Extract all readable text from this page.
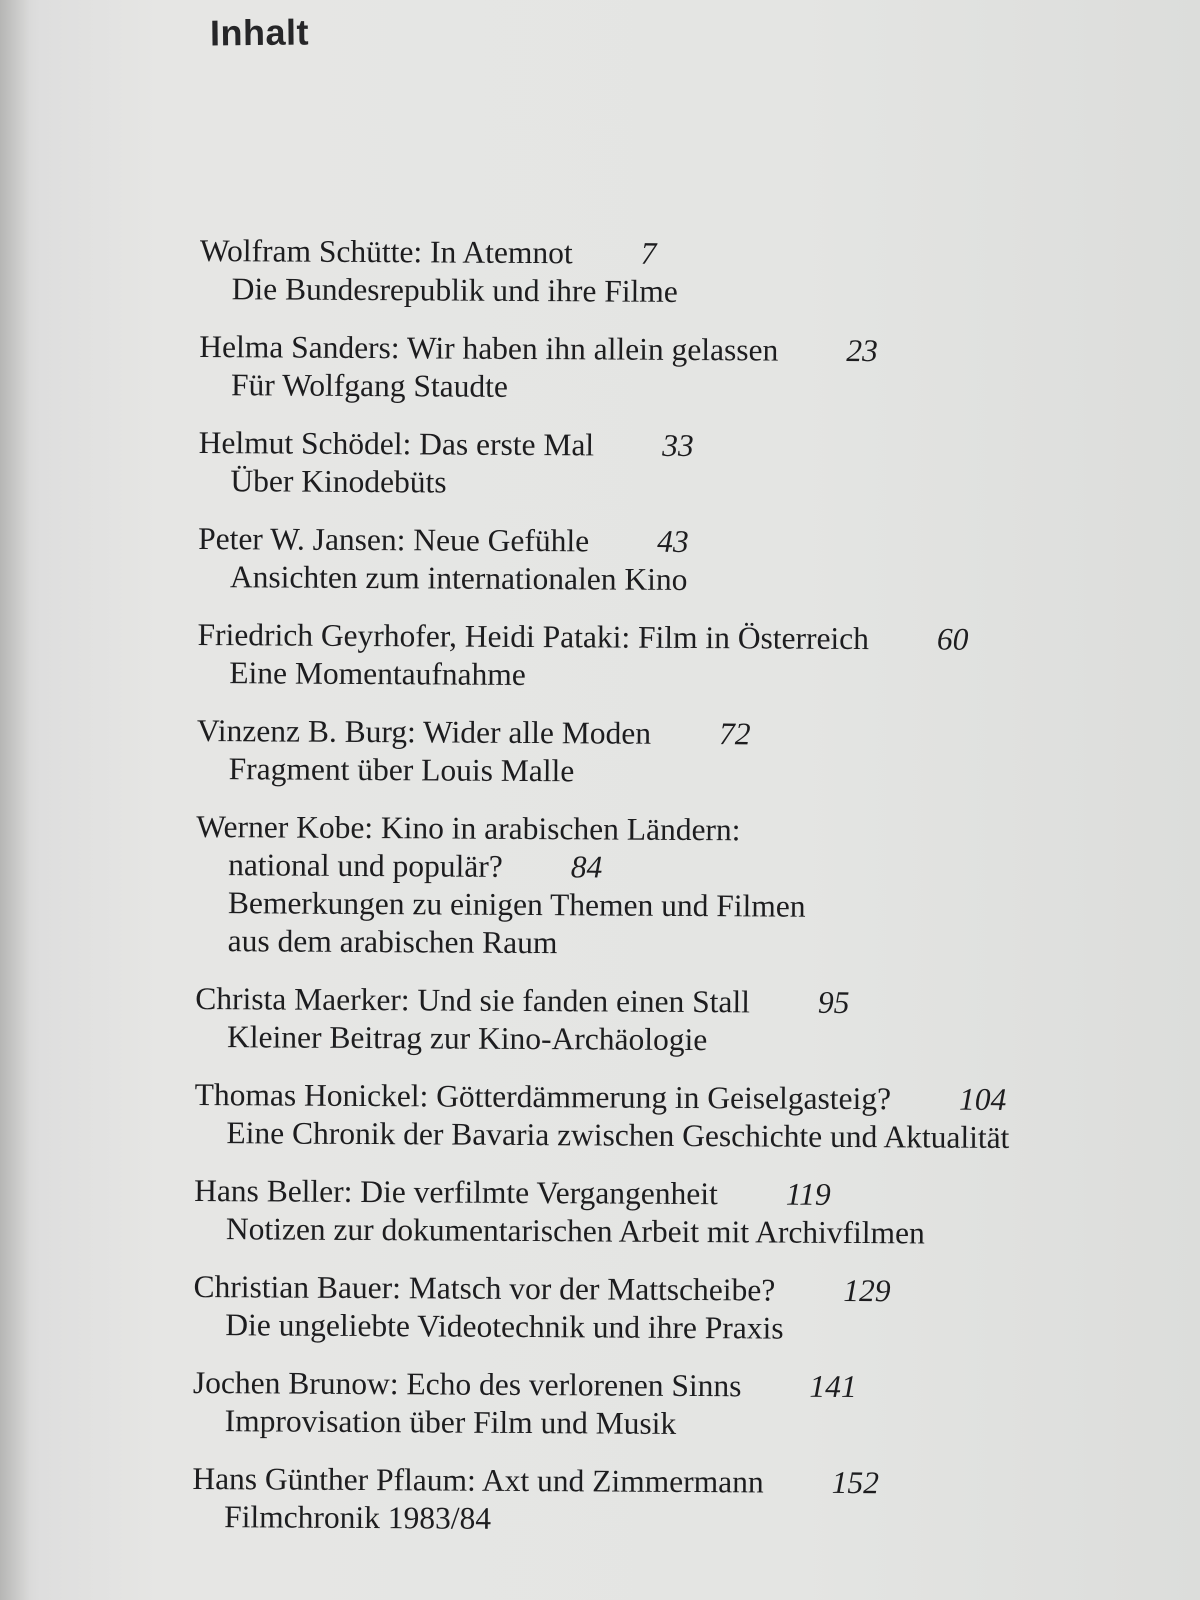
Inhalt
Wolfram Schütte: In Atemnot 7
Die Bundesrepublik und ihre Filme
Helma Sanders: Wir haben ihn allein gelassen 23
Für Wolfgang Staudte
Helmut Schödel: Das erste Mal 33
Über Kinodebüts
Peter W. Jansen: Neue Gefühle 43
Ansichten zum internationalen Kino
Friedrich Geyrhofer, Heidi Pataki: Film in Österreich 60
Eine Momentaufnahme
Vinzenz B. Burg: Wider alle Moden 72
Fragment über Louis Malle
Werner Kobe: Kino in arabischen Ländern:
national und populär? 84
Bemerkungen zu einigen Themen und Filmen
aus dem arabischen Raum
Christa Maerker: Und sie fanden einen Stall 95
Kleiner Beitrag zur Kino-Archäologie
Thomas Honickel: Götterdämmerung in Geiselgasteig? 104
Eine Chronik der Bavaria zwischen Geschichte und Aktualität
Hans Beller: Die verfilmte Vergangenheit 119
Notizen zur dokumentarischen Arbeit mit Archivfilmen
Christian Bauer: Matsch vor der Mattscheibe? 129
Die ungeliebte Videotechnik und ihre Praxis
Jochen Brunow: Echo des verlorenen Sinns 141
Improvisation über Film und Musik
Hans Günther Pflaum: Axt und Zimmermann 152
Filmchronik 1983/84
